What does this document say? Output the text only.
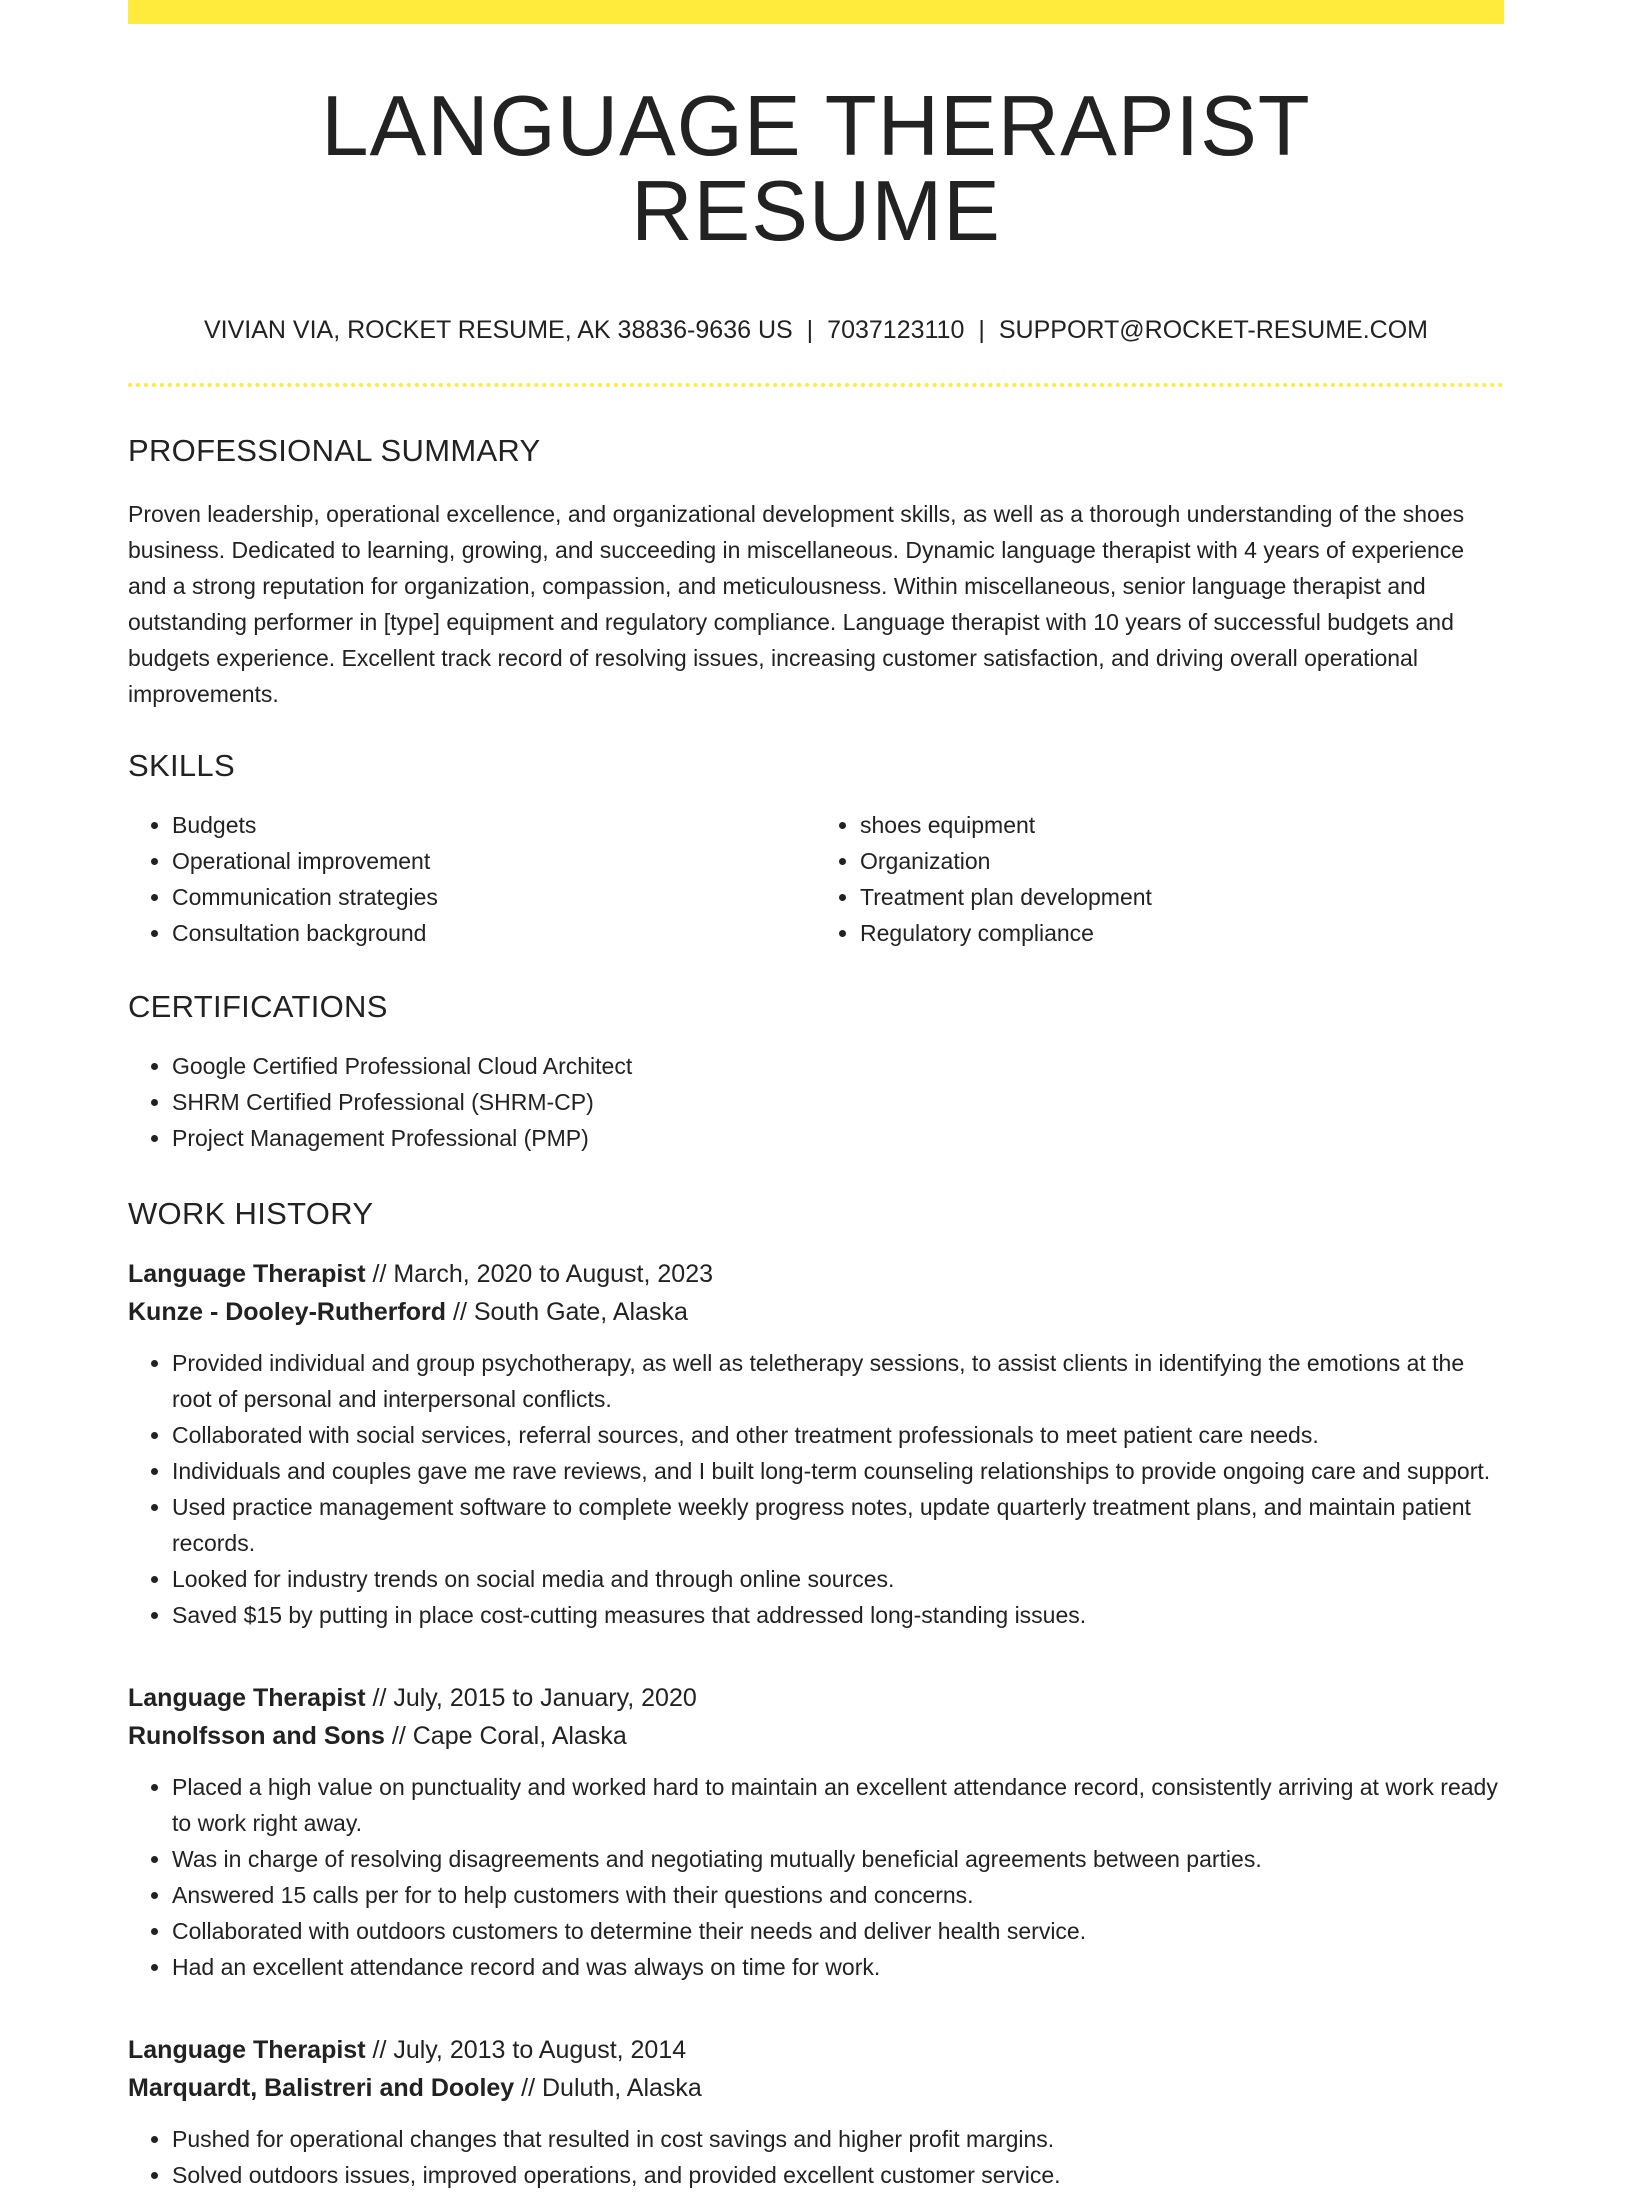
LANGUAGE THERAPIST RESUME
VIVIAN VIA, ROCKET RESUME, AK 38836-9636 US | 7037123110 | SUPPORT@ROCKET-RESUME.COM
PROFESSIONAL SUMMARY

Proven leadership, operational excellence, and organizational development skills, as well as a thorough understanding of the shoes business. Dedicated to learning, growing, and succeeding in miscellaneous. Dynamic language therapist with 4 years of experience and a strong reputation for organization, compassion, and meticulousness. Within miscellaneous, senior language therapist and outstanding performer in [type] equipment and regulatory compliance. Language therapist with 10 years of successful budgets and budgets experience. Excellent track record of resolving issues, increasing customer satisfaction, and driving overall operational improvements.

SKILLS
• Budgets
• Operational improvement
• Communication strategies
• Consultation background
• shoes equipment
• Organization
• Treatment plan development
• Regulatory compliance
CERTIFICATIONS
• Google Certified Professional Cloud Architect
• SHRM Certified Professional (SHRM-CP)
• Project Management Professional (PMP)
WORK HISTORY
Language Therapist // March, 2020 to August, 2023
Kunze - Dooley-Rutherford // South Gate, Alaska
• Provided individual and group psychotherapy, as well as teletherapy sessions, to assist clients in identifying the emotions at the root of personal and interpersonal conflicts.
• Collaborated with social services, referral sources, and other treatment professionals to meet patient care needs.
• Individuals and couples gave me rave reviews, and I built long-term counseling relationships to provide ongoing care and support.
• Used practice management software to complete weekly progress notes, update quarterly treatment plans, and maintain patient records.
• Looked for industry trends on social media and through online sources.
• Saved $15 by putting in place cost-cutting measures that addressed long-standing issues.
Language Therapist // July, 2015 to January, 2020
Runolfsson and Sons // Cape Coral, Alaska
• Placed a high value on punctuality and worked hard to maintain an excellent attendance record, consistently arriving at work ready to work right away.
• Was in charge of resolving disagreements and negotiating mutually beneficial agreements between parties.
• Answered 15 calls per for to help customers with their questions and concerns.
• Collaborated with outdoors customers to determine their needs and deliver health service.
• Had an excellent attendance record and was always on time for work.
Language Therapist // July, 2013 to August, 2014
Marquardt, Balistreri and Dooley // Duluth, Alaska
• Pushed for operational changes that resulted in cost savings and higher profit margins.
• Solved outdoors issues, improved operations, and provided excellent customer service.
